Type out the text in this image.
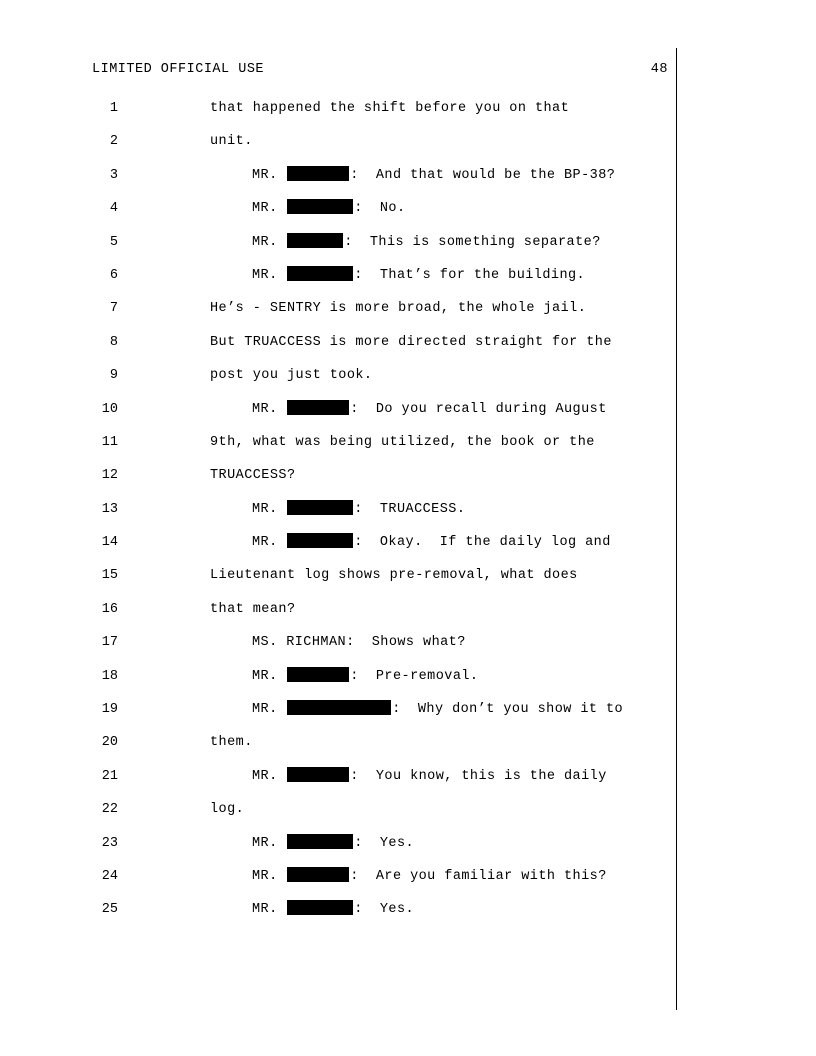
LIMITED OFFICIAL USE	48
1	that happened the shift before you on that
2	unit.
3	MR.	:  And that would be the BP-38?
4	MR.	:  No.
5	MR.	:  This is something separate?
6	MR.	:  That’s for the building.
7	He’s - SENTRY is more broad, the whole jail.
8	But TRUACCESS is more directed straight for the
9	post you just took.
10	MR.	:  Do you recall during August
11	9th, what was being utilized, the book or the
12	TRUACCESS?
13	MR.	:  TRUACCESS.
14	MR.	:  Okay.  If the daily log and
15	Lieutenant log shows pre-removal, what does
16	that mean?
17	MS. RICHMAN:  Shows what?
18	MR.	:  Pre-removal.
19	MR.	:  Why don’t you show it to
20	them.
21	MR.	:  You know, this is the daily
22	log.
23	MR.	:  Yes.
24	MR.	:  Are you familiar with this?
25	MR.	:  Yes.
